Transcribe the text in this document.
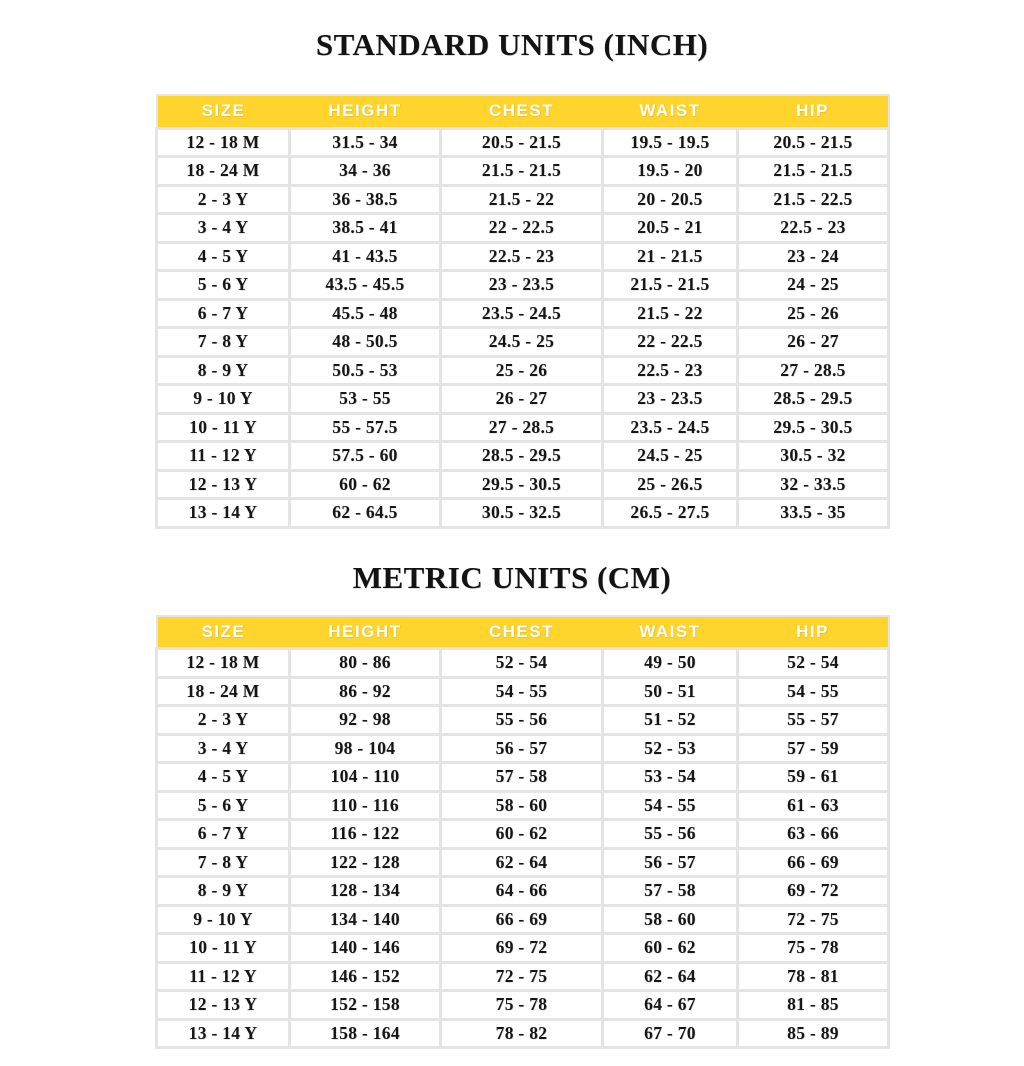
STANDARD UNITS (INCH)
SIZE	HEIGHT	CHEST	WAIST	HIP
12 - 18 M	31.5 - 34	20.5 - 21.5	19.5 - 19.5	20.5 - 21.5
18 - 24 M	34 - 36	21.5 - 21.5	19.5 - 20	21.5 - 21.5
2 - 3 Y	36 - 38.5	21.5 - 22	20 - 20.5	21.5 - 22.5
3 - 4 Y	38.5 - 41	22 - 22.5	20.5 - 21	22.5 - 23
4 - 5 Y	41 - 43.5	22.5 - 23	21 - 21.5	23 - 24
5 - 6 Y	43.5 - 45.5	23 - 23.5	21.5 - 21.5	24 - 25
6 - 7 Y	45.5 - 48	23.5 - 24.5	21.5 - 22	25 - 26
7 - 8 Y	48 - 50.5	24.5 - 25	22 - 22.5	26 - 27
8 - 9 Y	50.5 - 53	25 - 26	22.5 - 23	27 - 28.5
9 - 10 Y	53 - 55	26 - 27	23 - 23.5	28.5 - 29.5
10 - 11 Y	55 - 57.5	27 - 28.5	23.5 - 24.5	29.5 - 30.5
11 - 12 Y	57.5 - 60	28.5 - 29.5	24.5 - 25	30.5 - 32
12 - 13 Y	60 - 62	29.5 - 30.5	25 - 26.5	32 - 33.5
13 - 14 Y	62 - 64.5	30.5 - 32.5	26.5 - 27.5	33.5 - 35
METRIC UNITS (CM)
SIZE	HEIGHT	CHEST	WAIST	HIP
12 - 18 M	80 - 86	52 - 54	49 - 50	52 - 54
18 - 24 M	86 - 92	54 - 55	50 - 51	54 - 55
2 - 3 Y	92 - 98	55 - 56	51 - 52	55 - 57
3 - 4 Y	98 - 104	56 - 57	52 - 53	57 - 59
4 - 5 Y	104 - 110	57 - 58	53 - 54	59 - 61
5 - 6 Y	110 - 116	58 - 60	54 - 55	61 - 63
6 - 7 Y	116 - 122	60 - 62	55 - 56	63 - 66
7 - 8 Y	122 - 128	62 - 64	56 - 57	66 - 69
8 - 9 Y	128 - 134	64 - 66	57 - 58	69 - 72
9 - 10 Y	134 - 140	66 - 69	58 - 60	72 - 75
10 - 11 Y	140 - 146	69 - 72	60 - 62	75 - 78
11 - 12 Y	146 - 152	72 - 75	62 - 64	78 - 81
12 - 13 Y	152 - 158	75 - 78	64 - 67	81 - 85
13 - 14 Y	158 - 164	78 - 82	67 - 70	85 - 89
